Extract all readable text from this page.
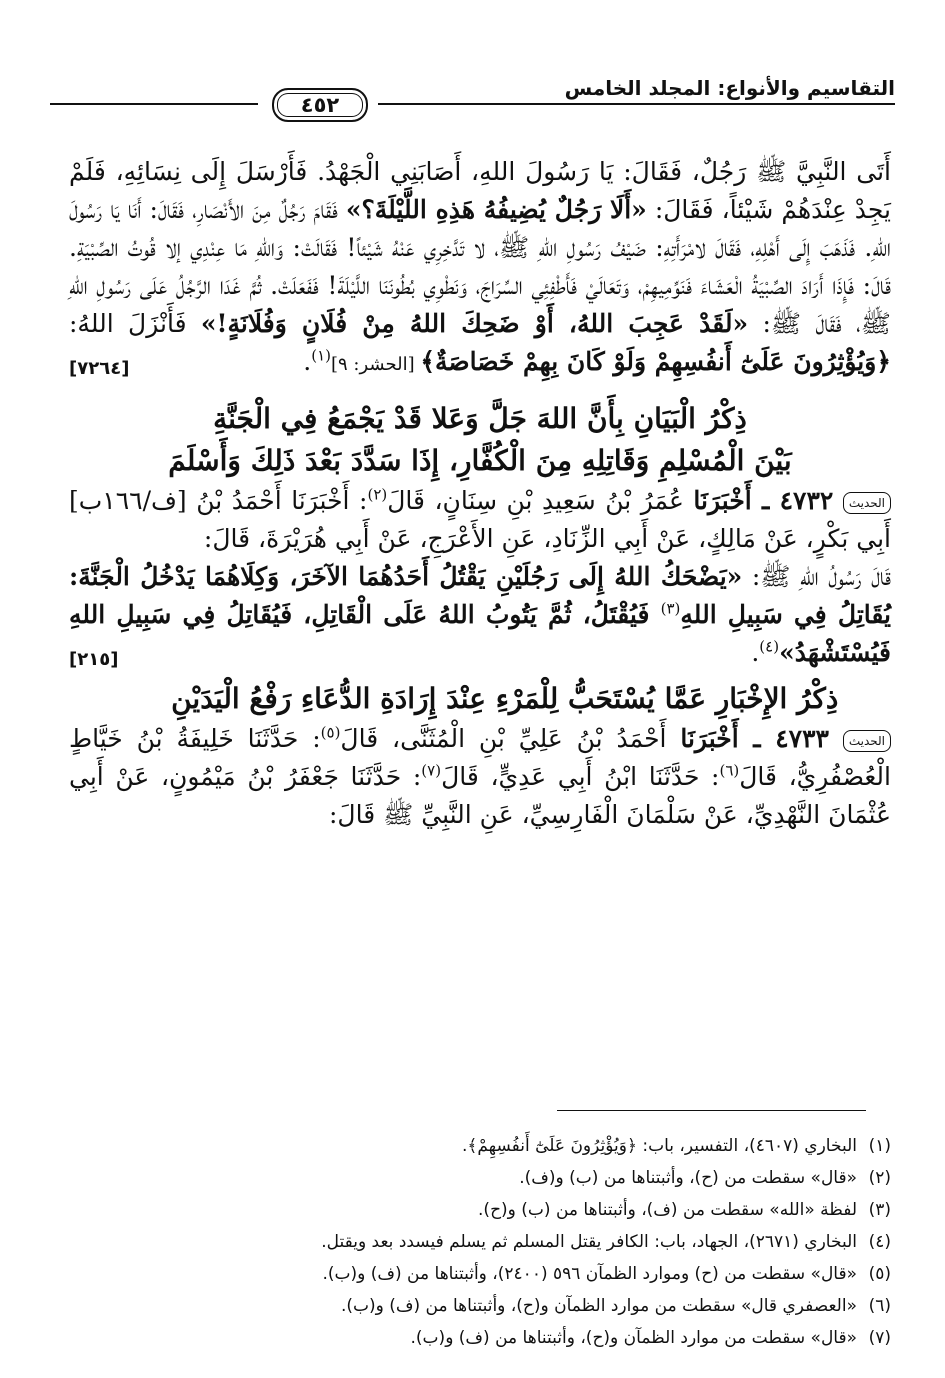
التقاسيم والأنواع: المجلد الخامس
٤٥٢

أَتَى النَّبِيَّ ﷺ رَجُلٌ، فَقَالَ: يَا رَسُولَ اللهِ، أَصَابَنِي الْجَهْدُ. فَأَرْسَلَ إِلَى نِسَائِهِ، فَلَمْ يَجِدْ عِنْدَهُمْ شَيْئاً، فَقَالَ: «أَلَا رَجُلٌ يُضِيفُهُ هَذِهِ اللَّيْلَةَ؟» فَقَامَ رَجُلٌ مِنَ الأَنْصَارِ، فَقَالَ: أَنَا يَا رَسُولَ اللهِ. فَذَهَبَ إِلَى أَهْلِهِ، فَقَالَ لامْرَأَتِهِ: ضَيْفُ رَسُولِ اللهِ ﷺ، لا تَدَّخِرِي عَنْهُ شَيْئاً! فَقَالَتْ: وَاللهِ مَا عِنْدِي إلا قُوتُ الصِّبْيَةِ. قَالَ: فَإِذَا أَرَادَ الصِّبْيَةُ الْعَشَاءَ فَنَوِّمِيهِمْ، وَتَعَالَيْ فَأَطْفِئِي السِّرَاجَ، وَنَطْوِي بُطُونَنَا اللَّيْلَةَ! فَفَعَلَتْ. ثُمَّ غَدَا الرَّجُلُ عَلَى رَسُولِ اللهِ ﷺ، فَقَالَ ﷺ: «لَقَدْ عَجِبَ اللهُ، أَوْ ضَحِكَ اللهُ مِنْ فُلَانٍ وَفُلَانَةٍ!» فَأَنْزَلَ اللهُ: ﴿وَيُؤْثِرُونَ عَلَىٰٓ أَنفُسِهِمْ وَلَوْ كَانَ بِهِمْ خَصَاصَةٌ﴾ [الحشر: ٩]$^{(١)}$.
[٧٢٦٤]

ذِكْرُ الْبَيَانِ بِأَنَّ اللهَ جَلَّ وَعَلا قَدْ يَجْمَعُ فِي الْجَنَّةِ

بَيْنَ الْمُسْلِمِ وَقَاتِلِهِ مِنَ الْكُفَّارِ، إِذَا سَدَّدَ بَعْدَ ذَلِكَ وَأَسْلَمَ

الحديث ٤٧٣٢ ـ أَخْبَرَنَا عُمَرُ بْنُ سَعِيدِ بْنِ سِنَانٍ، قَالَ$^{(٢)}$: أَخْبَرَنَا أَحْمَدُ بْنُ [ف/١٦٦ب] أَبِي بَكْرٍ، عَنْ مَالِكٍ، عَنْ أَبِي الزِّنَادِ، عَنِ الأَعْرَجِ، عَنْ أَبِي هُرَيْرَةَ، قَالَ:

قَالَ رَسُولُ اللهِ ﷺ: «يَضْحَكُ اللهُ إِلَى رَجُلَيْنِ يَقْتُلُ أَحَدُهُمَا الآخَرَ، وَكِلَاهُمَا يَدْخُلُ الْجَنَّةَ: يُقَاتِلُ فِي سَبِيلِ اللهِ$^{(٣)}$ فَيُقْتَلُ، ثُمَّ يَتُوبُ اللهُ عَلَى الْقَاتِلِ، فَيُقَاتِلُ فِي سَبِيلِ اللهِ فَيُسْتَشْهَدُ»$^{(٤)}$.
[٢١٥]

ذِكْرُ الإِخْبَارِ عَمَّا يُسْتَحَبُّ لِلْمَرْءِ عِنْدَ إِرَادَةِ الدُّعَاءِ رَفْعُ الْيَدَيْنِ

الحديث ٤٧٣٣ ـ أَخْبَرَنَا أَحْمَدُ بْنُ عَلِيِّ بْنِ الْمُثَنَّى، قَالَ$^{(٥)}$: حَدَّثَنَا خَلِيفَةُ بْنُ خَيَّاطٍ الْعُصْفُرِيُّ، قَالَ$^{(٦)}$: حَدَّثَنَا ابْنُ أَبِي عَدِيٍّ، قَالَ$^{(٧)}$: حَدَّثَنَا جَعْفَرُ بْنُ مَيْمُونٍ، عَنْ أَبِي عُثْمَانَ النَّهْدِيِّ، عَنْ سَلْمَانَ الْفَارِسِيِّ، عَنِ النَّبِيِّ ﷺ قَالَ:

(١)البخاري (٤٦٠٧)، التفسير، باب: ﴿وَيُؤْثِرُونَ عَلَىٰٓ أَنفُسِهِمْ﴾.
(٢)«قال» سقطت من (ح)، وأثبتناها من (ب) و(ف).
(٣)لفظة «الله» سقطت من (ف)، وأثبتناها من (ب) و(ح).
(٤)البخاري (٢٦٧١)، الجهاد، باب: الكافر يقتل المسلم ثم يسلم فيسدد بعد ويقتل.
(٥)«قال» سقطت من (ح) وموارد الظمآن ٥٩٦ (٢٤٠٠)، وأثبتناها من (ف) و(ب).
(٦)«العصفري قال» سقطت من موارد الظمآن و(ح)، وأثبتناها من (ف) و(ب).
(٧)«قال» سقطت من موارد الظمآن و(ح)، وأثبتناها من (ف) و(ب).
